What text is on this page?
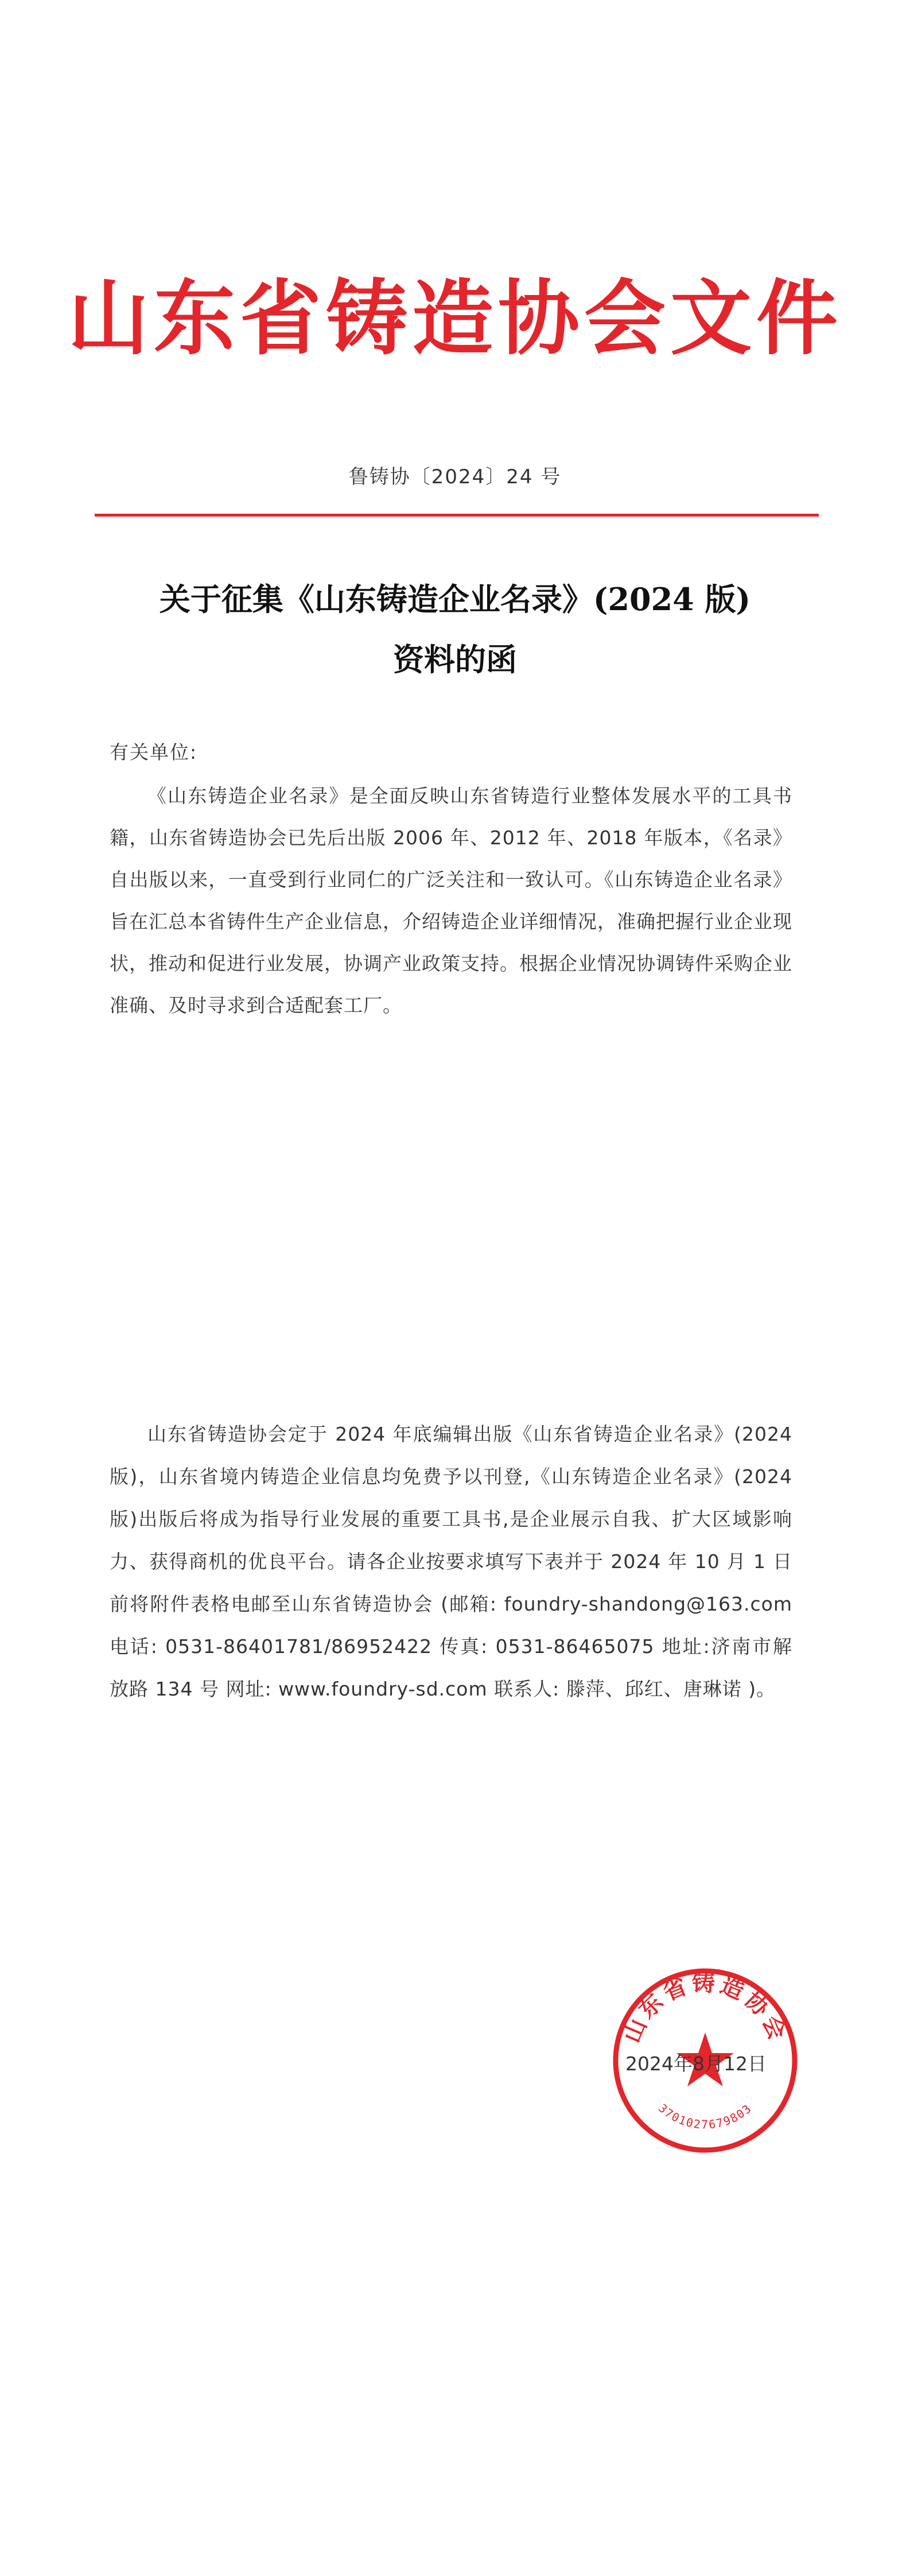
山东省铸造协会文件
鲁铸协〔2024〕24 号
关于征集《山东铸造企业名录》(2024 版)
资料的函
有关单位:
《山东铸造企业名录》是全面反映山东省铸造行业整体发展水平的工具书籍，山东省铸造协会已先后出版 2006 年、2012 年、2018 年版本，《名录》自出版以来，一直受到行业同仁的广泛关注和一致认可。《山东铸造企业名录》旨在汇总本省铸件生产企业信息，介绍铸造企业详细情况，准确把握行业企业现状，推动和促进行业发展，协调产业政策支持。根据企业情况协调铸件采购企业准确、及时寻求到合适配套工厂。
山东省铸造协会定于 2024 年底编辑出版《山东省铸造企业名录》(2024 版)，山东省境内铸造企业信息均免费予以刊登,《山东铸造企业名录》(2024 版)出版后将成为指导行业发展的重要工具书,是企业展示自我、扩大区域影响力、获得商机的优良平台。请各企业按要求填写下表并于 2024 年 10 月 1 日前将附件表格电邮至山东省铸造协会 (邮箱: foundry-shandong@163.com 电话: 0531-86401781/86952422 传真: 0531-86465075 地址:济南市解放路 134 号 网址: www.foundry-sd.com 联系人: 滕萍、邱红、唐琳诺 )。
山东省铸造协会
3701027679803
2024年8月12日
